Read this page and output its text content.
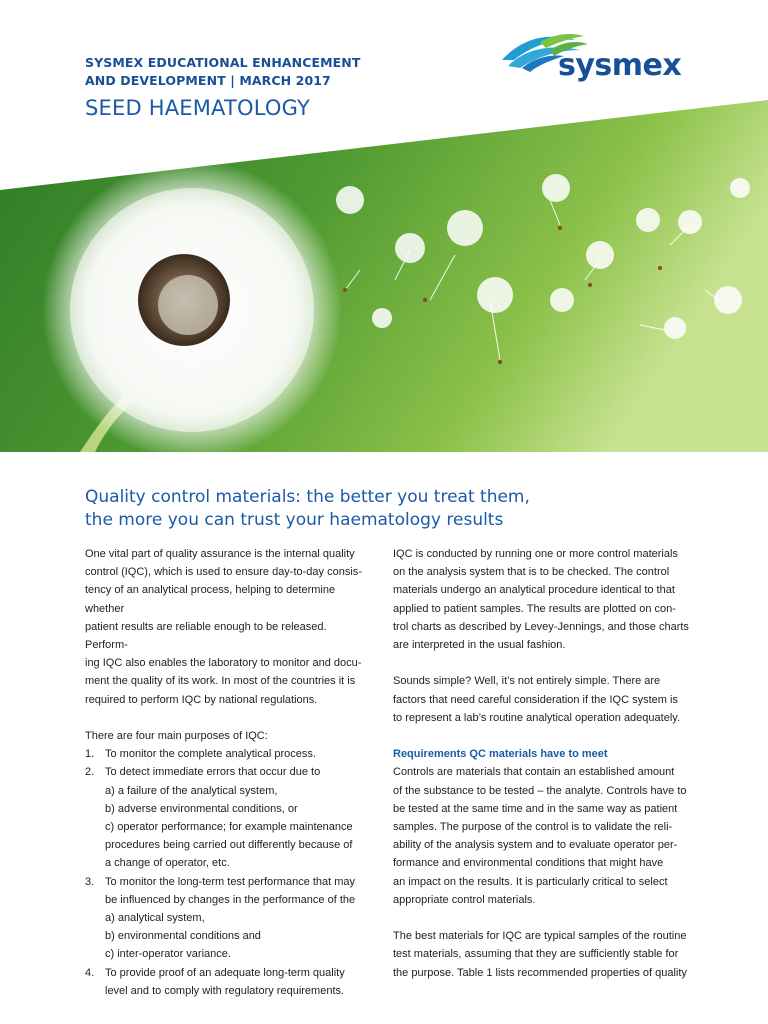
SYSMEX EDUCATIONAL ENHANCEMENT
AND DEVELOPMENT | MARCH 2017
SEED HAEMATOLOGY
sysmex
Quality control materials: the better you treat them,
the more you can trust your haematology results

One vital part of quality assurance is the internal quality

control (IQC), which is used to ensure day-to-day consis-

tency of an analytical process, helping to determine whether

patient results are reliable enough to be released. Perform-

ing IQC also enables the laboratory to monitor and docu-

ment the quality of its work. In most of the countries it is

required to perform IQC by national regulations.

There are four main purposes of IQC:

1. To monitor the complete analytical process.
2. To detect immediate errors that occur due to

a) a failure of the analytical system,

b) adverse environmental conditions, or

c) operator performance; for example maintenance

procedures being carried out differently because of

a change of operator, etc.

3. To monitor the long-term test performance that may

be influenced by changes in the performance of the

a) analytical system,

b) environmental conditions and

c) inter-operator variance.

4. To provide proof of an adequate long-term quality

level and to comply with regulatory requirements.

IQC is conducted by running one or more control materials

on the analysis system that is to be checked. The control

materials undergo an analytical procedure identical to that

applied to patient samples. The results are plotted on con-

trol charts as described by Levey-Jennings, and those charts

are interpreted in the usual fashion.

Sounds simple? Well, it’s not entirely simple. There are

factors that need careful consideration if the IQC system is

to represent a lab’s routine analytical operation adequately.

Requirements QC materials have to meet

Controls are materials that contain an established amount

of the substance to be tested – the analyte. Controls have to

be tested at the same time and in the same way as patient

samples. The purpose of the control is to validate the reli-

ability of the analysis system and to evaluate operator per-

formance and environmental conditions that might have

an impact on the results. It is particularly critical to select

appropriate control materials.

The best materials for IQC are typical samples of the routine

test materials, assuming that they are sufficiently stable for

the purpose. Table 1 lists recommended properties of quality
